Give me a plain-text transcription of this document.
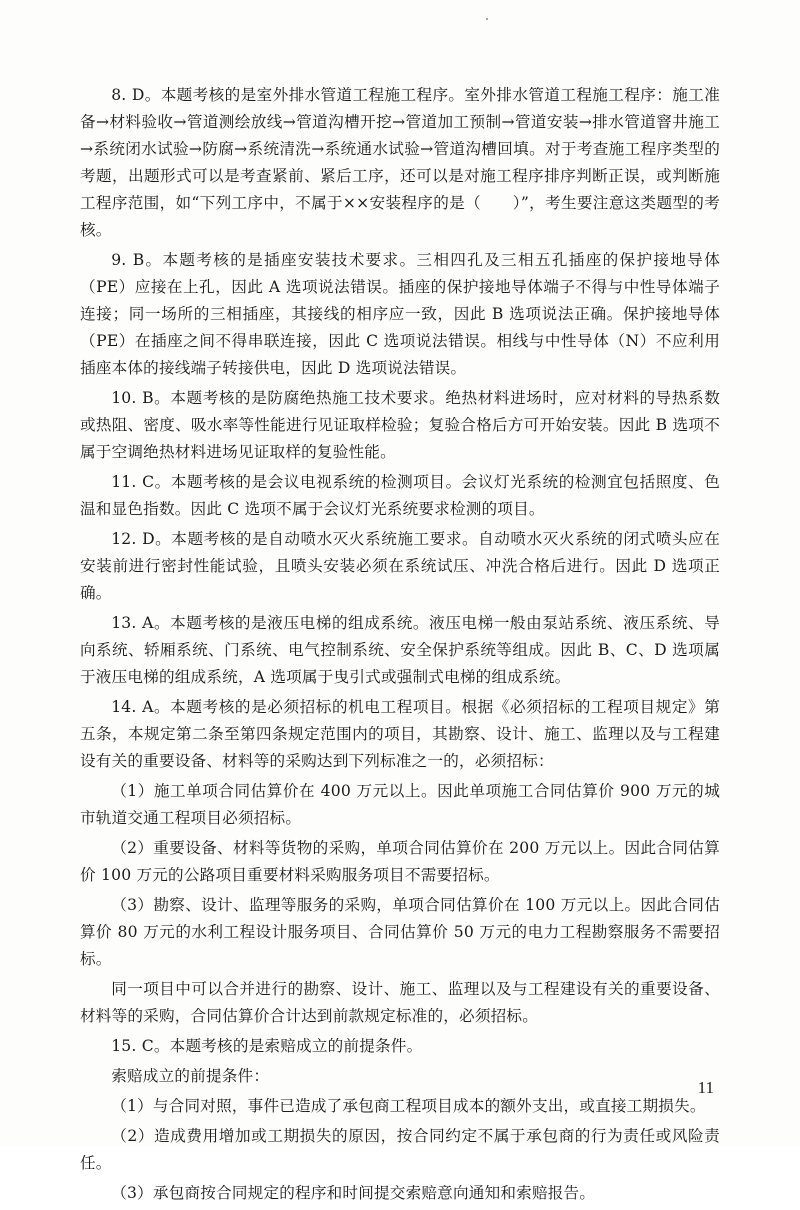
8. D。本题考核的是室外排水管道工程施工程序。室外排水管道工程施工程序：施工准备→材料验收→管道测绘放线→管道沟槽开挖→管道加工预制→管道安装→排水管道窨井施工→系统闭水试验→防腐→系统清洗→系统通水试验→管道沟槽回填。对于考查施工程序类型的考题，出题形式可以是考查紧前、紧后工序，还可以是对施工程序排序判断正误，或判断施工程序范围，如“下列工序中，不属于××安装程序的是（　　）”，考生要注意这类题型的考核。

9. B。本题考核的是插座安装技术要求。三相四孔及三相五孔插座的保护接地导体（PE）应接在上孔，因此 A 选项说法错误。插座的保护接地导体端子不得与中性导体端子连接；同一场所的三相插座，其接线的相序应一致，因此 B 选项说法正确。保护接地导体（PE）在插座之间不得串联连接，因此 C 选项说法错误。相线与中性导体（N）不应利用插座本体的接线端子转接供电，因此 D 选项说法错误。

10. B。本题考核的是防腐绝热施工技术要求。绝热材料进场时，应对材料的导热系数或热阻、密度、吸水率等性能进行见证取样检验；复验合格后方可开始安装。因此 B 选项不属于空调绝热材料进场见证取样的复验性能。

11. C。本题考核的是会议电视系统的检测项目。会议灯光系统的检测宜包括照度、色温和显色指数。因此 C 选项不属于会议灯光系统要求检测的项目。

12. D。本题考核的是自动喷水灭火系统施工要求。自动喷水灭火系统的闭式喷头应在安装前进行密封性能试验，且喷头安装必须在系统试压、冲洗合格后进行。因此 D 选项正确。

13. A。本题考核的是液压电梯的组成系统。液压电梯一般由泵站系统、液压系统、导向系统、轿厢系统、门系统、电气控制系统、安全保护系统等组成。因此 B、C、D 选项属于液压电梯的组成系统，A 选项属于曳引式或强制式电梯的组成系统。

14. A。本题考核的是必须招标的机电工程项目。根据《必须招标的工程项目规定》第五条，本规定第二条至第四条规定范围内的项目，其勘察、设计、施工、监理以及与工程建设有关的重要设备、材料等的采购达到下列标准之一的，必须招标：

（1）施工单项合同估算价在 400 万元以上。因此单项施工合同估算价 900 万元的城市轨道交通工程项目必须招标。

（2）重要设备、材料等货物的采购，单项合同估算价在 200 万元以上。因此合同估算价 100 万元的公路项目重要材料采购服务项目不需要招标。

（3）勘察、设计、监理等服务的采购，单项合同估算价在 100 万元以上。因此合同估算价 80 万元的水利工程设计服务项目、合同估算价 50 万元的电力工程勘察服务不需要招标。

同一项目中可以合并进行的勘察、设计、施工、监理以及与工程建设有关的重要设备、材料等的采购，合同估算价合计达到前款规定标准的，必须招标。

15. C。本题考核的是索赔成立的前提条件。

索赔成立的前提条件：

（1）与合同对照，事件已造成了承包商工程项目成本的额外支出，或直接工期损失。

（2）造成费用增加或工期损失的原因，按合同约定不属于承包商的行为责任或风险责任。

（3）承包商按合同规定的程序和时间提交索赔意向通知和索赔报告。

11
